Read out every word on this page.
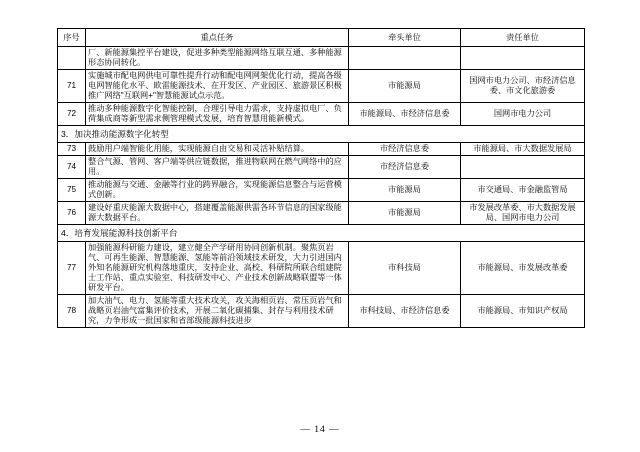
序号	重点任务	牵头单位	责任单位
	厂、新能源集控平台建设，促进多种类型能源网络互联互通、多种能源形态协同转化。		
71	实施城市配电网供电可靠性提升行动和配电网网架优化行动，提高各级电网智能化水平、欧雷能源技术、在开发区、产业园区、旅游景区积极推广网络"互联网+"智慧能源试点示范。	市能源局	国网市电力公司、市经济信息委、市文化旅游委
72	推动多种能源数字化智能控制，合理引导电力需求，支持虚拟电厂、负荷集成商等新型需求侧管理模式发展，培育智慧用能新模式。	市能源局、市经济信息委	国网市电力公司
3．加决推动能源数字化转型			
73	鼓励用户端智能化用能，实现能源自由交易和灵活补贴结算。	市经济信息委	市能源局、市大数据发展局
74	整合气源、管网、客户端等供应链数据，推进物联网在燃气网络中的应用。	市经济信息委	
75	推动能源与交通、金融等行业的跨界融合，实现能源信息整合与运营模式创新。	市能源局	市交通局、市金融监管局
76	建设好重庆能源大数据中心，搭建覆盖能源供需各环节信息的国家级能源大数据平台。	市能源局	市发展改革委、市大数据发展局、国网市电力公司
4．培育发展能源科技创新平台			
77	加强能源科研能力建设，建立健全产学研用协同创新机制。聚焦页岩气、可再生能源、智慧能源、氢能等前沿领域技术研发，大力引进国内外知名能源研究机构落地重庆，支持企业、高校、科研院所联合组建院士工作站、重点实验室、科技研发中心、产业技术创新战略联盟等一体研发平台。	市科技局	市能源局、市发展改革委
78	加大油气、电力、氢能等重大技术攻关，攻关海相页岩、常压页岩气和战略页岩油气富集评价技术，开展二氧化碳捕集、封存与利用技术研究，力争形成一批国家和省部级能源科技进步	市科技局、市经济信息委	市能源局、市知识产权局
— 14 —
